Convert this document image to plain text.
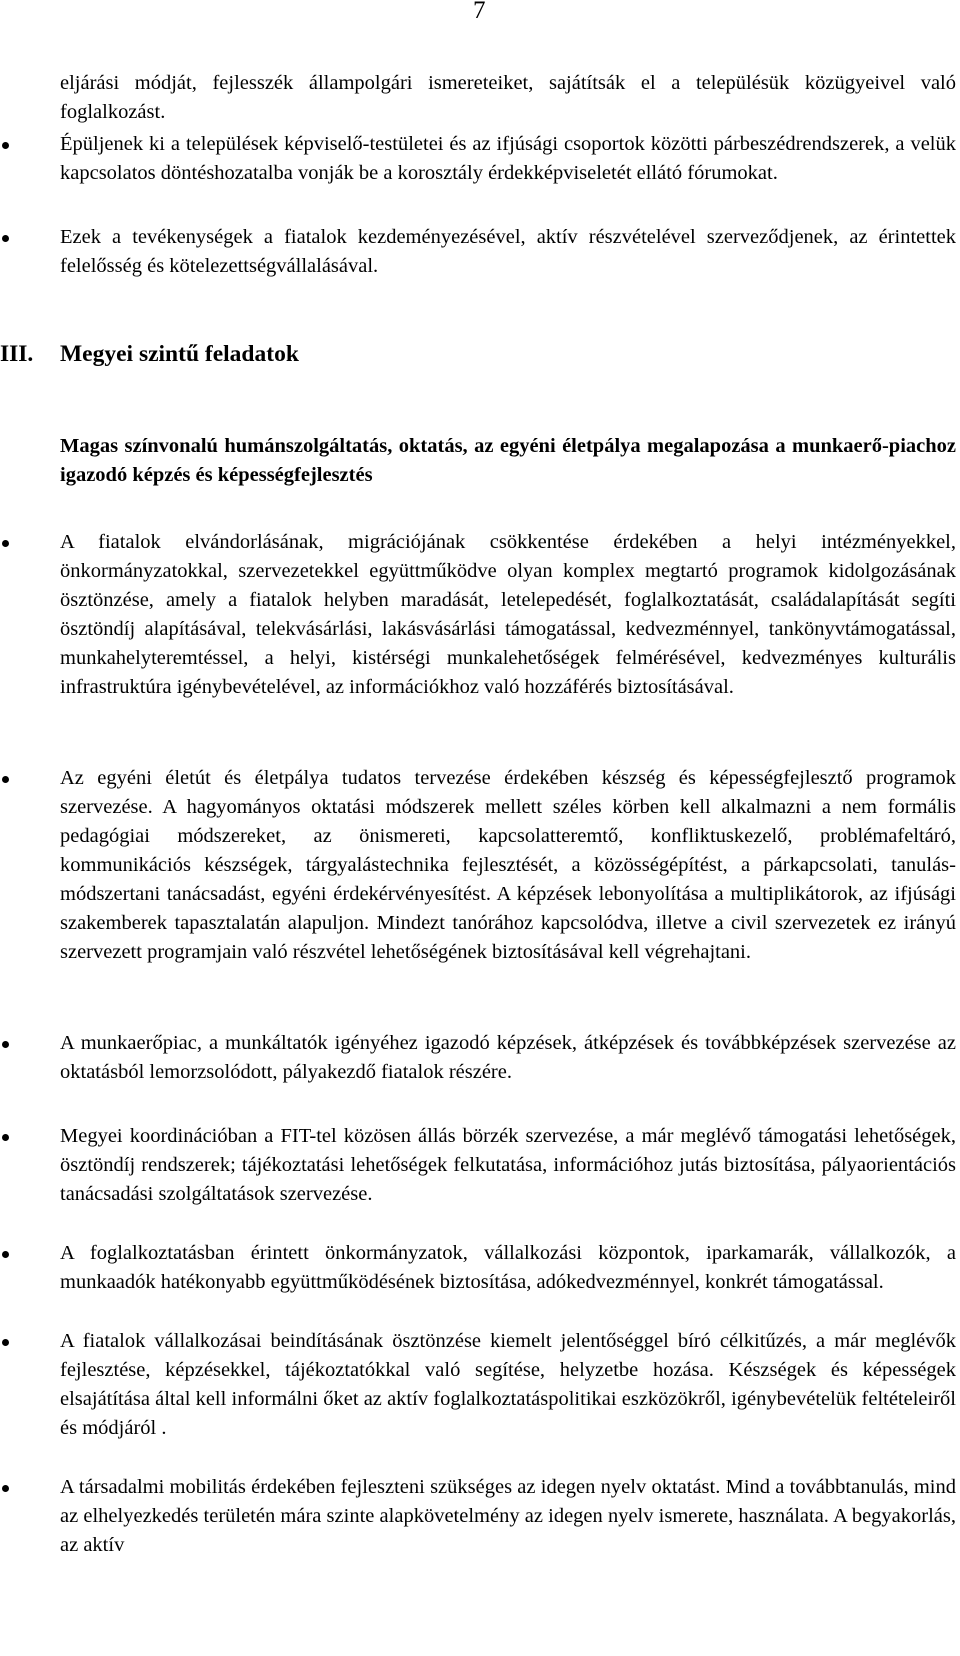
7

eljárási módját, fejlesszék állampolgári ismereteiket, sajátítsák el a településük közügyeivel való foglalkozást.

Épüljenek ki a települések képviselő-testületei és az ifjúsági csoportok közötti párbeszédrendszerek, a velük kapcsolatos döntéshozatalba vonják be a korosztály érdekképviseletét ellátó fórumokat.

Ezek a tevékenységek a fiatalok kezdeményezésével, aktív részvételével szerveződjenek, az érintettek felelősség és kötelezettségvállalásával.

III. Megyei szintű feladatok
Magas színvonalú humánszolgáltatás, oktatás, az egyéni életpálya megalapozása a munkaerő-piachoz igazodó képzés és képességfejlesztés

A fiatalok elvándorlásának, migrációjának csökkentése érdekében a helyi intézményekkel, önkormányzatokkal, szervezetekkel együttműködve olyan komplex megtartó programok kidolgozásának ösztönzése, amely a fiatalok helyben maradását, letelepedését, foglalkoztatását, családalapítását segíti ösztöndíj alapításával, telekvásárlási, lakásvásárlási támogatással, kedvezménnyel, tankönyvtámogatással, munkahelyteremtéssel, a helyi, kistérségi munkalehetőségek felmérésével, kedvezményes kulturális infrastruktúra igénybevételével, az információkhoz való hozzáférés biztosításával.

Az egyéni életút és életpálya tudatos tervezése érdekében készség és képességfejlesztő programok szervezése. A hagyományos oktatási módszerek mellett széles körben kell alkalmazni a nem formális pedagógiai módszereket, az önismereti, kapcsolatteremtő, konfliktuskezelő, problémafeltáró, kommunikációs készségek, tárgyalástechnika fejlesztését, a közösségépítést, a párkapcsolati, tanulás-módszertani tanácsadást, egyéni érdekérvényesítést. A képzések lebonyolítása a multiplikátorok, az ifjúsági szakemberek tapasztalatán alapuljon. Mindezt tanórához kapcsolódva, illetve a civil szervezetek ez irányú szervezett programjain való részvétel lehetőségének biztosításával kell végrehajtani.

A munkaerőpiac, a munkáltatók igényéhez igazodó képzések, átképzések és továbbképzések szervezése az oktatásból lemorzsolódott, pályakezdő fiatalok részére.

Megyei koordinációban a FIT-tel közösen állás börzék szervezése, a már meglévő támogatási lehetőségek, ösztöndíj rendszerek; tájékoztatási lehetőségek felkutatása, információhoz jutás biztosítása, pályaorientációs tanácsadási szolgáltatások szervezése.

A foglalkoztatásban érintett önkormányzatok, vállalkozási központok, iparkamarák, vállalkozók, a munkaadók hatékonyabb együttműködésének biztosítása, adókedvezménnyel, konkrét támogatással.

A fiatalok vállalkozásai beindításának ösztönzése kiemelt jelentőséggel bíró célkitűzés, a már meglévők fejlesztése, képzésekkel, tájékoztatókkal való segítése, helyzetbe hozása. Készségek és képességek elsajátítása által kell informálni őket az aktív foglalkoztatáspolitikai eszközökről, igénybevételük feltételeiről és módjáról .

A társadalmi mobilitás érdekében fejleszteni szükséges az idegen nyelv oktatást. Mind a továbbtanulás, mind az elhelyezkedés területén mára szinte alapkövetelmény az idegen nyelv ismerete, használata. A begyakorlás, az aktív
